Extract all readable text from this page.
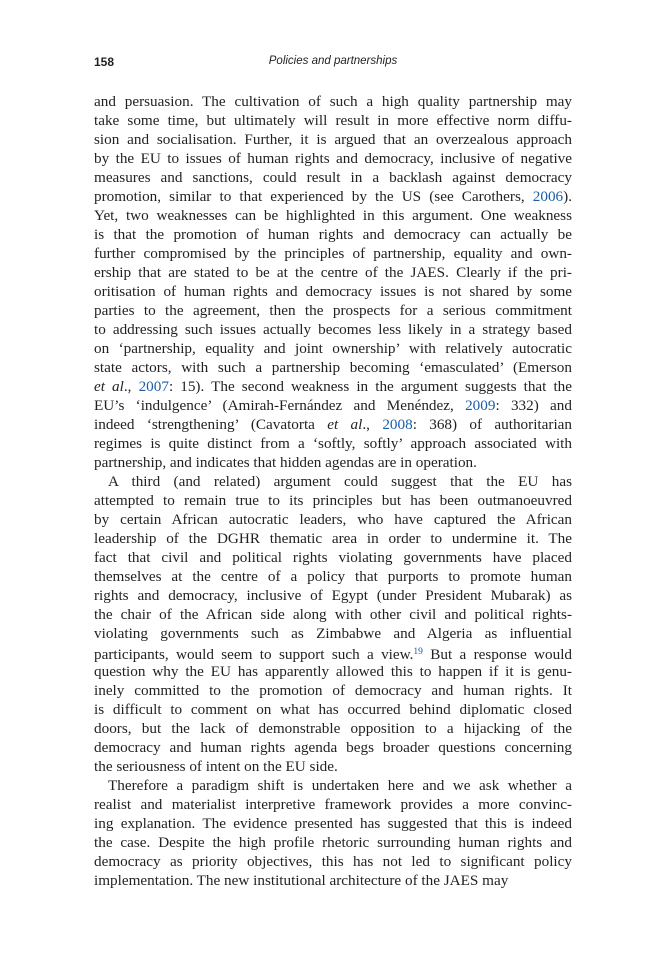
158	Policies and partnerships
and persuasion. The cultivation of such a high quality partnership may
take some time, but ultimately will result in more effective norm diffu-
sion and socialisation. Further, it is argued that an overzealous approach
by the EU to issues of human rights and democracy, inclusive of negative
measures and sanctions, could result in a backlash against democracy
promotion, similar to that experienced by the US (see Carothers, 2006).
Yet, two weaknesses can be highlighted in this argument. One weakness
is that the promotion of human rights and democracy can actually be
further compromised by the principles of partnership, equality and own-
ership that are stated to be at the centre of the JAES. Clearly if the pri-
oritisation of human rights and democracy issues is not shared by some
parties to the agreement, then the prospects for a serious commitment
to addressing such issues actually becomes less likely in a strategy based
on ‘partnership, equality and joint ownership’ with relatively autocratic
state actors, with such a partnership becoming ‘emasculated’ (Emerson
et al., 2007: 15). The second weakness in the argument suggests that the
EU’s ‘indulgence’ (Amirah-Fernández and Menéndez, 2009: 332) and
indeed ‘strengthening’ (Cavatorta et al., 2008: 368) of authoritarian
regimes is quite distinct from a ‘softly, softly’ approach associated with
partnership, and indicates that hidden agendas are in operation.
A third (and related) argument could suggest that the EU has
attempted to remain true to its principles but has been outmanoeuvred
by certain African autocratic leaders, who have captured the African
leadership of the DGHR thematic area in order to undermine it. The
fact that civil and political rights violating governments have placed
themselves at the centre of a policy that purports to promote human
rights and democracy, inclusive of Egypt (under President Mubarak) as
the chair of the African side along with other civil and political rights-
violating governments such as Zimbabwe and Algeria as influential
participants, would seem to support such a view.$^{19}$ But a response would
question why the EU has apparently allowed this to happen if it is genu-
inely committed to the promotion of democracy and human rights. It
is difficult to comment on what has occurred behind diplomatic closed
doors, but the lack of demonstrable opposition to a hijacking of the
democracy and human rights agenda begs broader questions concerning
the seriousness of intent on the EU side.
Therefore a paradigm shift is undertaken here and we ask whether a
realist and materialist interpretive framework provides a more convinc-
ing explanation. The evidence presented has suggested that this is indeed
the case. Despite the high profile rhetoric surrounding human rights and
democracy as priority objectives, this has not led to significant policy
implementation. The new institutional architecture of the JAES may
